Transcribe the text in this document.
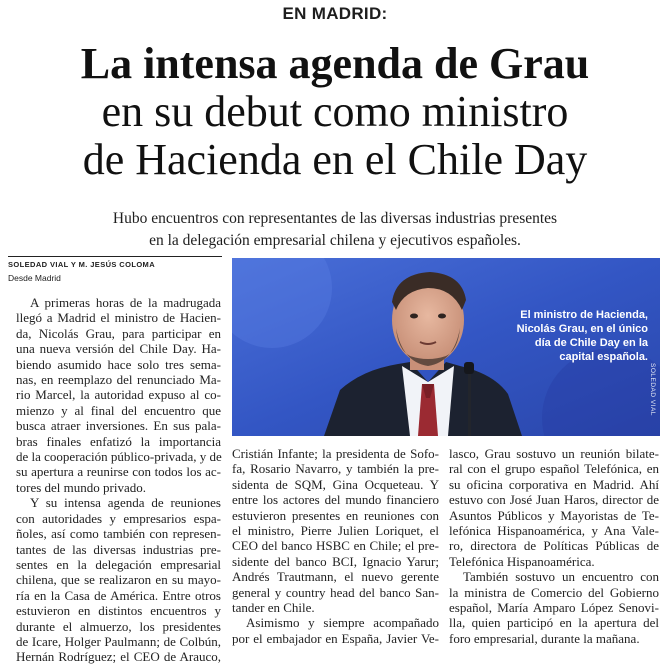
EN MADRID:
La intensa agenda de Grau
en su debut como ministro
de Hacienda en el Chile Day
Hubo encuentros con representantes de las diversas industrias presentes
en la delegación empresarial chilena y ejecutivos españoles.
SOLEDAD VIAL Y M. JESÚS COLOMA
Desde Madrid
A primeras horas de la madrugada
llegó a Madrid el ministro de Hacien-
da, Nicolás Grau, para participar en
una nueva versión del Chile Day. Ha-
biendo asumido hace solo tres sema-
nas, en reemplazo del renunciado Ma-
rio Marcel, la autoridad expuso al co-
mienzo y al final del encuentro que
busca atraer inversiones. En sus pala-
bras finales enfatizó la importancia
de la cooperación público-privada, y de
su apertura a reunirse con todos los ac-
tores del mundo privado.
Y su intensa agenda de reuniones
con autoridades y empresarios espa-
ñoles, así como también con represen-
tantes de las diversas industrias pre-
sentes en la delegación empresarial
chilena, que se realizaron en su mayo-
ría en la Casa de América. Entre otros
estuvieron en distintos encuentros y
durante el almuerzo, los presidentes
de Icare, Holger Paulmann; de Colbún,
Hernán Rodríguez; el CEO de Arauco,
El ministro de Hacienda,
Nicolás Grau, en el único
día de Chile Day en la
capital española.
SOLEDAD VIAL
Cristián Infante; la presidenta de Sofo-
fa, Rosario Navarro, y también la pre-
sidenta de SQM, Gina Ocqueteau. Y
entre los actores del mundo financiero
estuvieron presentes en reuniones con
el ministro, Pierre Julien Loriquet, el
CEO del banco HSBC en Chile; el pre-
sidente del banco BCI, Ignacio Yarur;
Andrés Trautmann, el nuevo gerente
general y country head del banco San-
tander en Chile.
Asimismo y siempre acompañado
por el embajador en España, Javier Ve-
lasco, Grau sostuvo un reunión bilate-
ral con el grupo español Telefónica, en
su oficina corporativa en Madrid. Ahí
estuvo con José Juan Haros, director de
Asuntos Públicos y Mayoristas de Te-
lefónica Hispanoamérica, y Ana Vale-
ro, directora de Políticas Públicas de
Telefónica Hispanoamérica.
También sostuvo un encuentro con
la ministra de Comercio del Gobierno
español, María Amparo López Senovi-
lla, quien participó en la apertura del
foro empresarial, durante la mañana.
